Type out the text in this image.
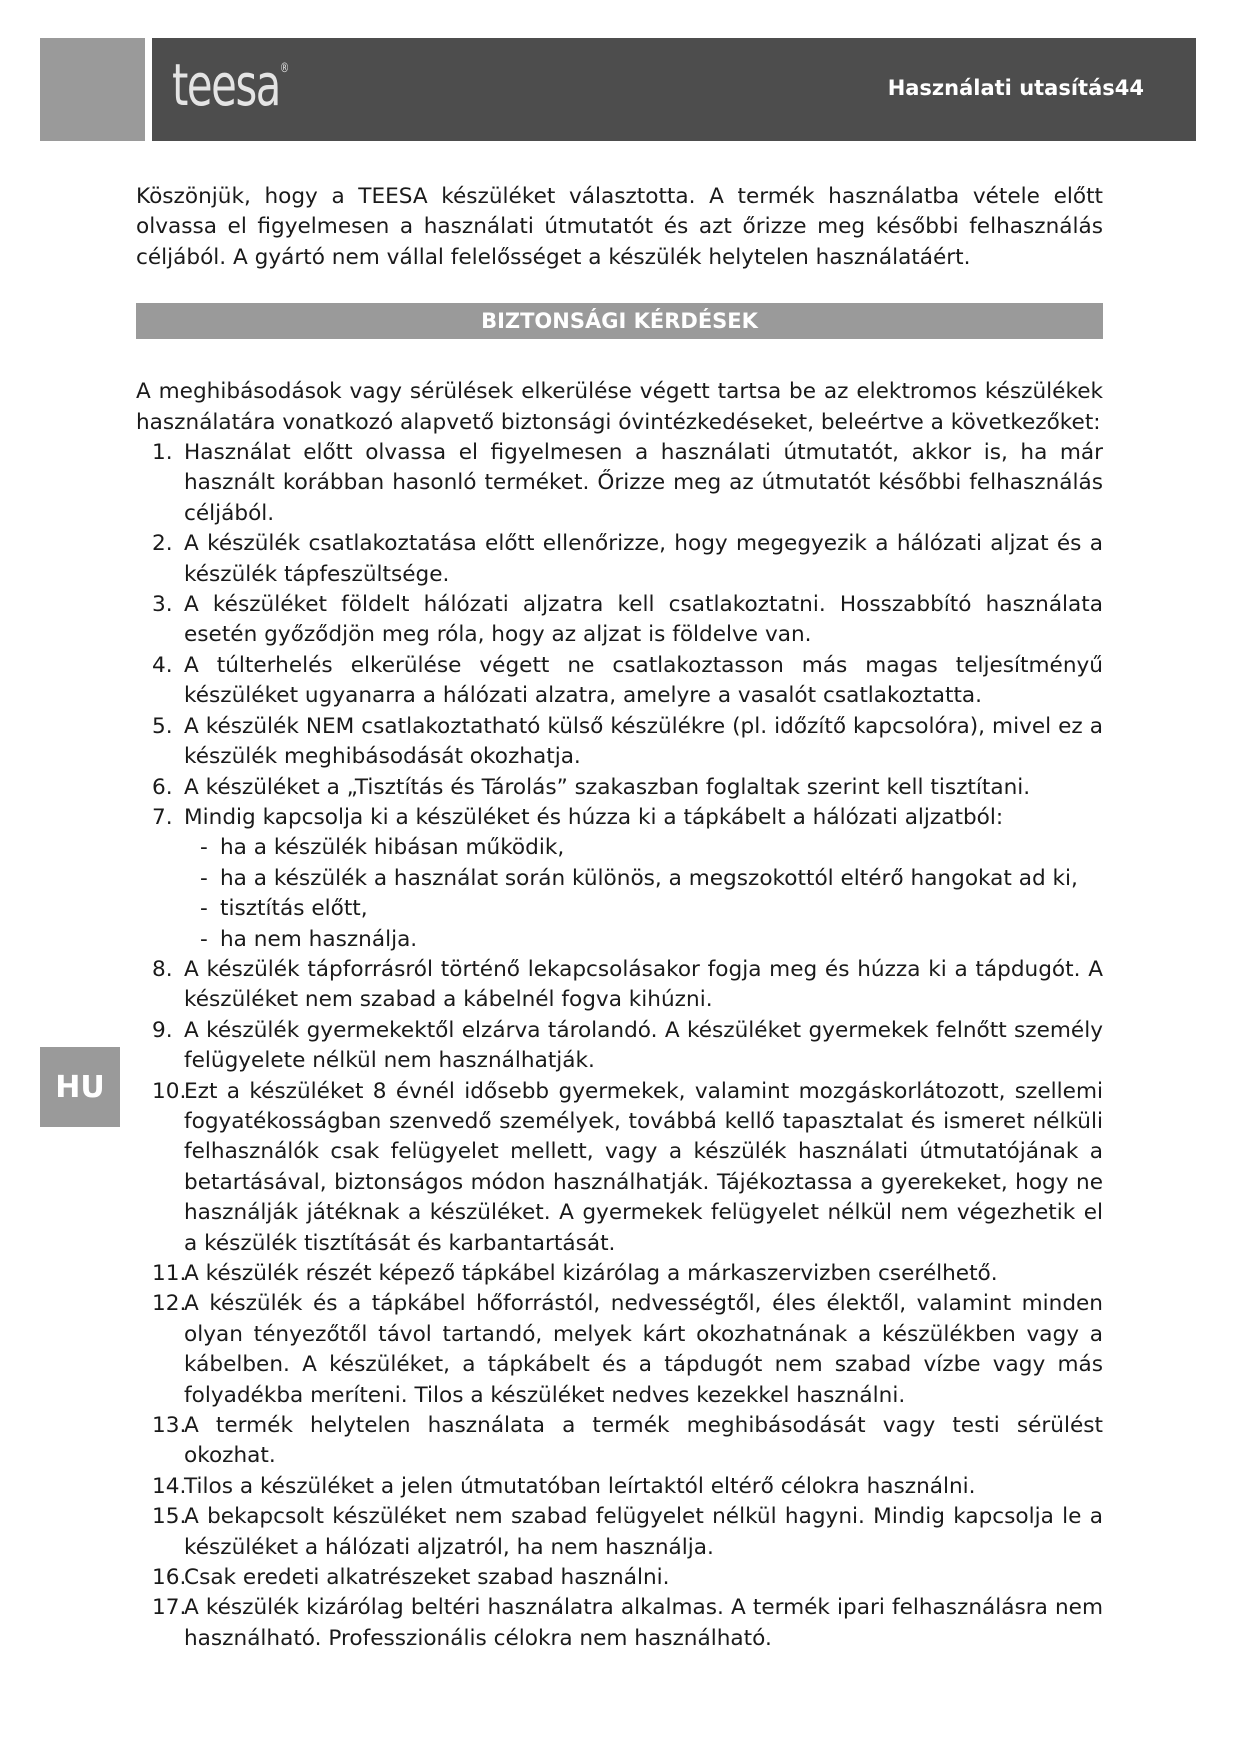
teesa®
Használati utasítás44
HU

Köszönjük, hogy a TEESA készüléket választotta. A termék használatba vétele előtt olvassa el figyelmesen a használati útmutatót és azt őrizze meg későbbi felhasználás céljából. A gyártó nem vállal felelősséget a készülék helytelen használatáért.

BIZTONSÁGI KÉRDÉSEK

A meghibásodások vagy sérülések elkerülése végett tartsa be az elektromos készülékek használatára vonatkozó alapvető biztonsági óvintézkedéseket, beleértve a következőket:

1. Használat előtt olvassa el figyelmesen a használati útmutatót, akkor is, ha már használt korábban hasonló terméket. Őrizze meg az útmutatót későbbi felhasználás céljából.
2. A készülék csatlakoztatása előtt ellenőrizze, hogy megegyezik a hálózati aljzat és a készülék tápfeszültsége.
3. A készüléket földelt hálózati aljzatra kell csatlakoztatni. Hosszabbító használata esetén győződjön meg róla, hogy az aljzat is földelve van.
4. A túlterhelés elkerülése végett ne csatlakoztasson más magas teljesítményű készüléket ugyanarra a hálózati alzatra, amelyre a vasalót csatlakoztatta.
5. A készülék NEM csatlakoztatható külső készülékre (pl. időzítő kapcsolóra), mivel ez a készülék meghibásodását okozhatja.
6. A készüléket a „Tisztítás és Tárolás” szakaszban foglaltak szerint kell tisztítani.
7. Mindig kapcsolja ki a készüléket és húzza ki a tápkábelt a hálózati aljzatból:
- ha a készülék hibásan működik,
- ha a készülék a használat során különös, a megszokottól eltérő hangokat ad ki,
- tisztítás előtt,
- ha nem használja.
8. A készülék tápforrásról történő lekapcsolásakor fogja meg és húzza ki a tápdugót. A készüléket nem szabad a kábelnél fogva kihúzni.
9. A készülék gyermekektől elzárva tárolandó. A készüléket gyermekek felnőtt személy felügyelete nélkül nem használhatják.
10.
Ezt a készüléket 8 évnél idősebb gyermekek, valamint mozgáskorlátozott, szellemi fogyatékosságban szenvedő személyek, továbbá kellő tapasztalat és ismeret nélküli felhasználók csak felügyelet mellett, vagy a készülék használati útmutatójának a betartásával, biztonságos módon használhatják. Tájékoztassa a gyerekeket, hogy ne használják játéknak a készüléket. A gyermekek felügyelet nélkül nem végezhetik el a készülék tisztítását és karbantartását.
11.
A készülék részét képező tápkábel kizárólag a márkaszervizben cserélhető.
12.
A készülék és a tápkábel hőforrástól, nedvességtől, éles élektől, valamint minden olyan tényezőtől távol tartandó, melyek kárt okozhatnának a készülékben vagy a kábelben. A készüléket, a tápkábelt és a tápdugót nem szabad vízbe vagy más folyadékba meríteni. Tilos a készüléket nedves kezekkel használni.
13.
A termék helytelen használata a termék meghibásodását vagy testi sérülést okozhat.
14.
Tilos a készüléket a jelen útmutatóban leírtaktól eltérő célokra használni.
15.
A bekapcsolt készüléket nem szabad felügyelet nélkül hagyni. Mindig kapcsolja le a készüléket a hálózati aljzatról, ha nem használja.
16.
Csak eredeti alkatrészeket szabad használni.
17.
A készülék kizárólag beltéri használatra alkalmas. A termék ipari felhasználásra nem használható. Professzionális célokra nem használható.
